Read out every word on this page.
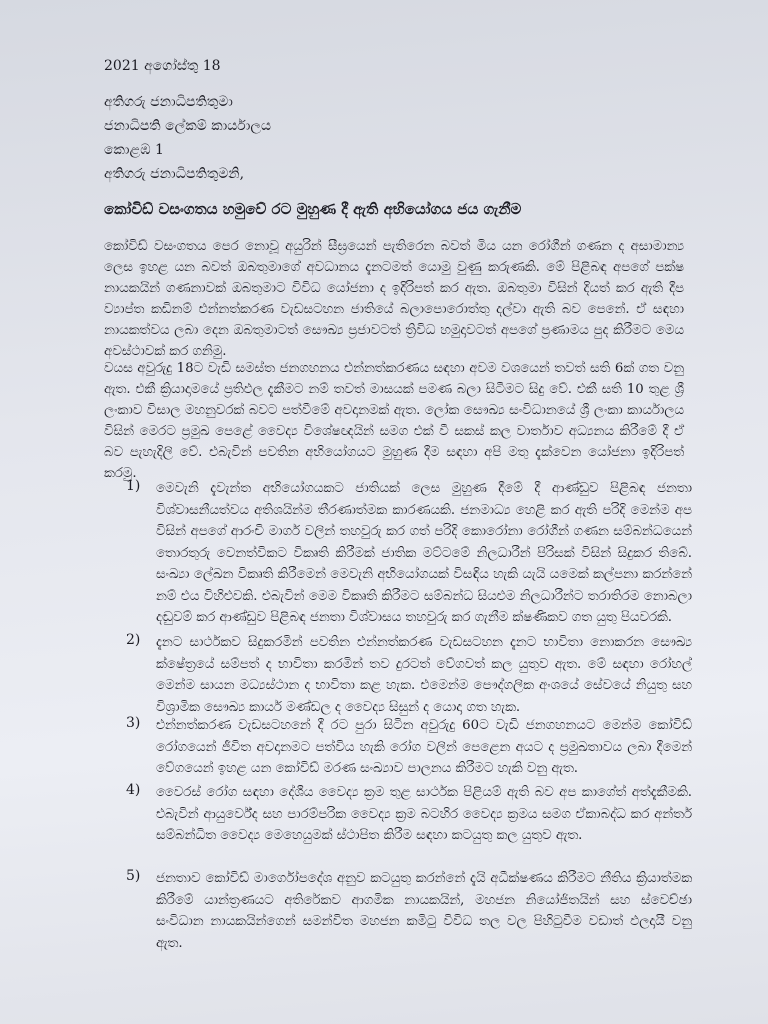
2021 අගෝස්තු 18
අතිගරු ජනාධිපතිතුමා
ජනාධිපති ලේකම් කාර්යාලය
කොළඹ 1
අතිගරු ජනාධිපතිතුමනි,
කෝවිඩ් වසංගතය හමුවේ රට මුහුණ දී ඇති අභියෝගය ජය ගැනීම
කෝවිඩ් වසංගතය පෙර නොවූ අයුරින් සීඝ්‍රයෙන් පැතිරෙන බවත් මිය යන රෝගීන් ගණන ද අසාමාන්‍ය ලෙස ඉහළ යන බවත් ඔබතුමාගේ අවධානය දැනටමත් යොමු වුණු කරුණකි. මේ පිළිබඳ අපගේ පක්ෂ නායකයින් ගණනාවක් ඔබතුමාට විවිධ යෝජනා ද ඉදිරිපත් කර ඇත. ඔබතුමා විසින් දියත් කර ඇති දීප ව්‍යාප්ත කඩිනම් එන්නත්කරණ වැඩසටහන ජාතියේ බලාපොරොත්තු දල්වා ඇති බව පෙනේ. ඒ සඳහා නායකත්වය ලබා දෙන ඔබතුමාටත් සෞඛ්‍ය ප්‍රජාවටත් ත්‍රිවිධ හමුදාවටත් අපගේ ප්‍රණාමය පුද කිරීමට මෙය අවස්ථාවක් කර ගනිමු.
වයස අවුරුදු 18ට වැඩි සමස්ත ජනගහනය එන්නත්කරණය සඳහා අවම වශයෙන් තවත් සති 6ක් ගත වනු ඇත. එකී ක්‍රියාදාමයේ ප්‍රතිඵල දැකීමට නම් තවත් මාසයක් පමණ බලා සිටීමට සිදු වේ. එකී සති 10 තුළ ශ්‍රී ලංකාව විසාල මහනුවරක් බවට පත්වීමේ අවදානමක් ඇත. ලෝක සෞඛ්‍ය සංවිධානයේ ශ්‍රී ලංකා කාර්යාලය විසින් මෙරට ප්‍රමුඛ පෙළේ වෛද්‍ය විශේෂඥයින් සමග එක් වී සකස් කල වාර්තාව අධ්‍යනය කිරීමේ දී ඒ බව පැහැදිලි වේ. එබැවින් පවතින අභියෝගයට මුහුණ දීම සඳහා අපි මතු දැක්වෙන යෝජනා ඉදිරිපත් කරමු.
1) මෙවැනි දැවැන්ත අභියෝගයකට ජාතියක් ලෙස මුහුණ දීමේ දී ආණ්ඩුව පිළිබඳ ජනතා විශ්වාසනීයත්වය අතිශයින්ම තීරණාත්මක කාරණයකි. ජනමාධ්‍ය හෙළි කර ඇති පරිදි මෙන්ම අප විසින් අපගේ ආරංචි මාර්ග වලින් තහවුරු කර ගත් පරිදි කොරෝනා රෝගීන් ගණන සම්බන්ධයෙන් තොරතුරු වෙනත්විකට විකෘති කිරීමක් ජාතික මට්ටමේ නිලධාරීන් පිරිසක් විසින් සිදුකර තිබේ. සංඛ්‍යා ලේඛන විකෘති කිරීමෙන් මෙවැනි අභියෝගයක් විසඳිය හැකි යැයි යමෙක් කල්පනා කරන්නේ නම් එය විහිළුවකි. එබැවින් මෙම විකෘති කිරීමට සම්බන්ධ සියළුම නිලධාරීන්ට තරාතිරම නොබලා දඬුවම් කර ආණ්ඩුව පිළිබඳ ජනතා විශ්වාසය තහවුරු කර ගැනීම ක්ෂණිකව ගත යුතු පියවරකි.
2) දැනට සාර්ථකව සිදුකරමින් පවතින එන්නත්කරණ වැඩසටහන දැනට භාවිතා නොකරන සෞඛ්‍ය ක්ෂේත්‍රයේ සම්පත් ද භාවිතා කරමින් තව දුරටත් වේගවත් කල යුතුව ඇත. මේ සඳහා රෝහල් මෙන්ම සායන මධ්‍යස්ථාන ද භාවිතා කළ හැක. එමෙන්ම පෞද්ගලික අංශයේ සේවයේ නියුතු සහ විශ්‍රාමික සෞඛ්‍ය කාර්ය මණ්ඩල ද වෛද්‍ය සිසුන් ද යොදා ගත හැක.
3) එන්නත්කරණ වැඩසටහනේ දී රට පුරා සිටින අවුරුදු 60ට වැඩි ජනගහනයට මෙන්ම කෝවිඩ් රෝගයෙන් ජීවිත අවදානමට පත්විය හැකි රෝග වලින් පෙළෙන අයට ද ප්‍රමුඛතාවය ලබා දීමෙන් වේගයෙන් ඉහළ යන කෝවිඩ් මරණ සංඛ්‍යාව පාලනය කිරීමට හැකි වනු ඇත.
4) වෛරස් රෝග සඳහා දේශීය වෛද්‍ය ක්‍රම තුළ සාර්ථක පිළියම් ඇති බව අප කාගේත් අත්දැකීමකි. එබැවින් ආයුර්වේද සහ පාරම්පරික වෛද්‍ය ක්‍රම බටහිර වෛද්‍ය ක්‍රමය සමග ඒකාබද්ධ කර අන්තර් සම්බන්ධිත වෛද්‍ය මෙහෙයුමක් ස්ථාපිත කිරීම සඳහා කටයුතු කල යුතුව ඇත.
5) ජනතාව කෝවිඩ් මාර්ගෝපදේශ අනුව කටයුතු කරන්නේ දැයි අධීක්ෂණය කිරීමට නීතිය ක්‍රියාත්මක කිරීමේ යාන්ත්‍රණයට අතිරේකව ආගමික නායකයින්, මහජන නියෝජිතයින් සහ ස්වෙච්ඡා සංවිධාන නායකයින්ගෙන් සමන්විත මහජන කමිටු විවිධ තල වල පිහිටුවීම වඩාත් ඵලදායී වනු ඇත.
